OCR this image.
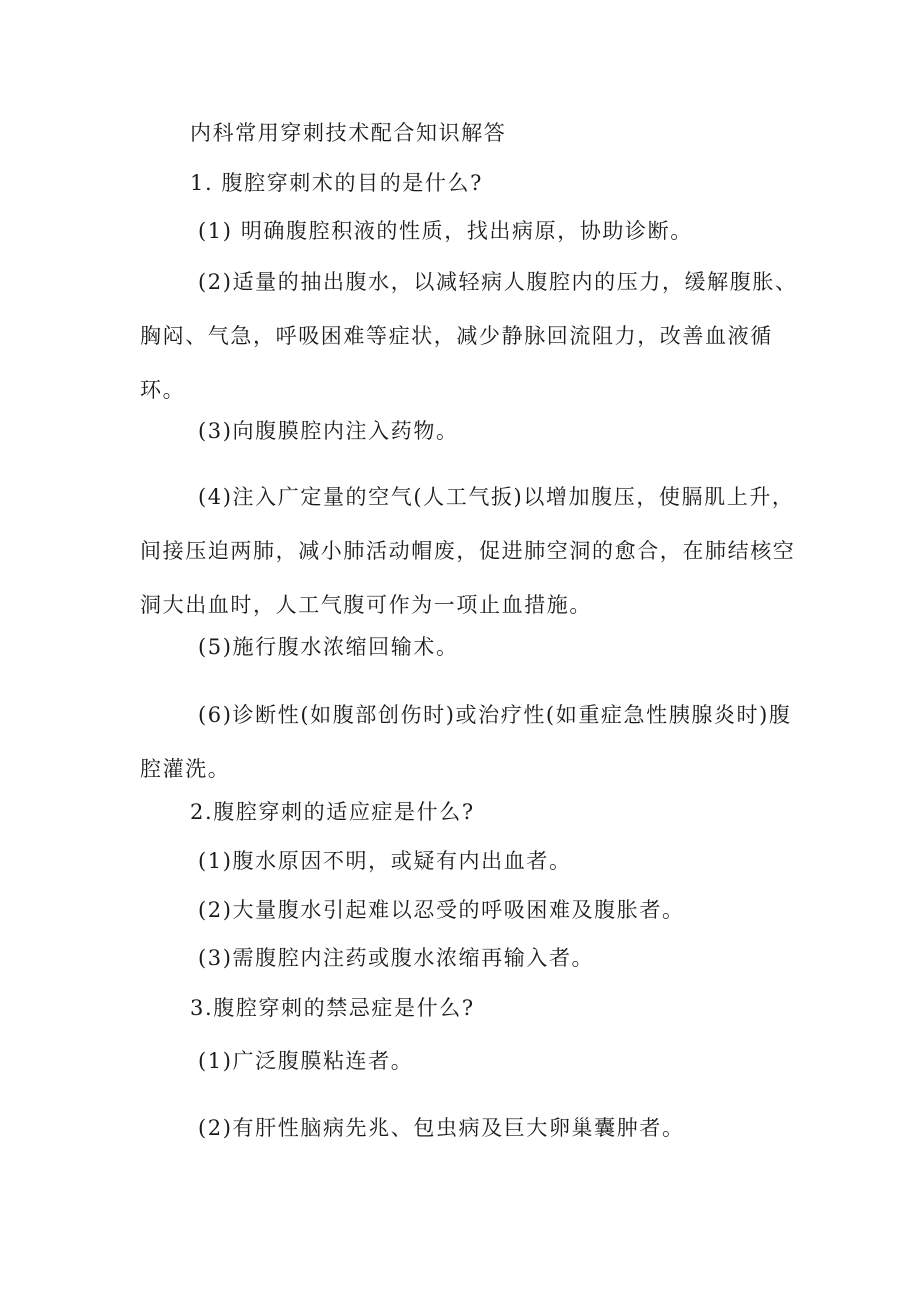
内科常用穿刺技术配合知识解答
1. 腹腔穿刺术的目的是什么?
(1) 明确腹腔积液的性质，找出病原，协助诊断。
(2)适量的抽出腹水，以减轻病人腹腔内的压力，缓解腹胀、胸闷、气急，呼吸困难等症状，减少静脉回流阻力，改善血液循环。
(3)向腹膜腔内注入药物。
(4)注入广定量的空气(人工气扳)以增加腹压，使膈肌上升，间接压迫两肺，减小肺活动帽废，促进肺空洞的愈合，在肺结核空洞大出血时，人工气腹可作为一项止血措施。
(5)施行腹水浓缩回输术。
(6)诊断性(如腹部创伤时)或治疗性(如重症急性胰腺炎时)腹腔灌洗。
2.腹腔穿刺的适应症是什么?
(1)腹水原因不明，或疑有内出血者。
(2)大量腹水引起难以忍受的呼吸困难及腹胀者。
(3)需腹腔内注药或腹水浓缩再输入者。
3.腹腔穿刺的禁忌症是什么?
(1)广泛腹膜粘连者。
(2)有肝性脑病先兆、包虫病及巨大卵巢囊肿者。
